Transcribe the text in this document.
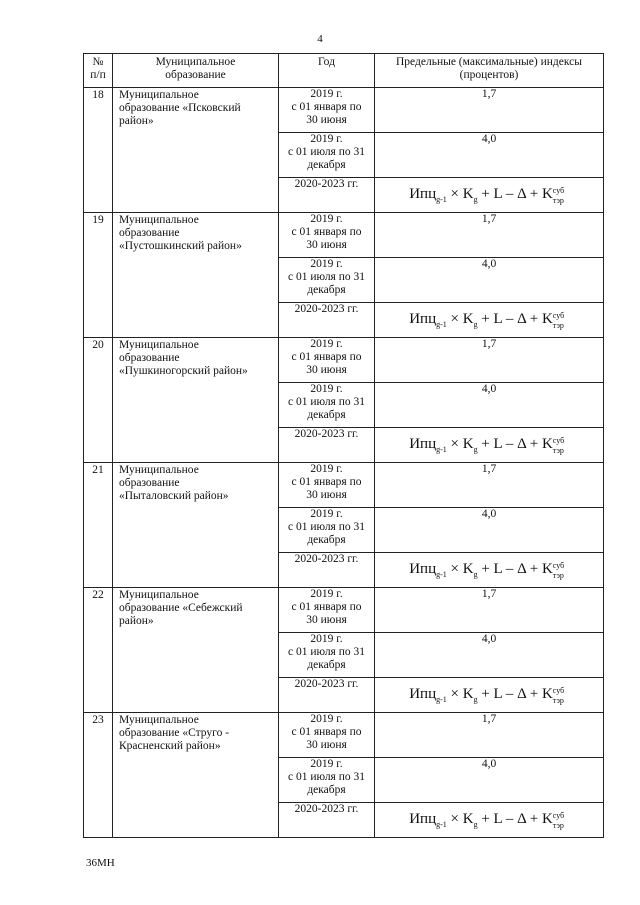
4
№
п/п	Муниципальное
образование	Год	Предельные (максимальные) индексы
(процентов)
18	Муниципальное
образование «Псковский
район»	2019 г.
с 01 января по
30 июня	1,7
		2019 г.
с 01 июля по 31
декабря	4,0
		2020-2023 гг.	$Ипц_{g-1} \times K_g + L - \Delta + K$ суб
тэр

19	Муниципальное
образование
«Пустошкинский район»	2019 г.
с 01 января по
30 июня	1,7
		2019 г.
с 01 июля по 31
декабря	4,0
		2020-2023 гг.	$Ипц_{g-1} \times K_g + L - \Delta + K$ суб
тэр

20	Муниципальное
образование
«Пушкиногорский район»	2019 г.
с 01 января по
30 июня	1,7
		2019 г.
с 01 июля по 31
декабря	4,0
		2020-2023 гг.	$Ипц_{g-1} \times K_g + L - \Delta + K$ суб
тэр

21	Муниципальное
образование
«Пыталовский район»	2019 г.
с 01 января по
30 июня	1,7
		2019 г.
с 01 июля по 31
декабря	4,0
		2020-2023 гг.	$Ипц_{g-1} \times K_g + L - \Delta + K$ суб
тэр

22	Муниципальное
образование «Себежский
район»	2019 г.
с 01 января по
30 июня	1,7
		2019 г.
с 01 июля по 31
декабря	4,0
		2020-2023 гг.	$Ипц_{g-1} \times K_g + L - \Delta + K$ суб
тэр

23	Муниципальное
образование «Струго -
Красненский район»	2019 г.
с 01 января по
30 июня	1,7
		2019 г.
с 01 июля по 31
декабря	4,0
		2020-2023 гг.	$Ипц_{g-1} \times K_g + L - \Delta + K$ суб
тэр
36МН
